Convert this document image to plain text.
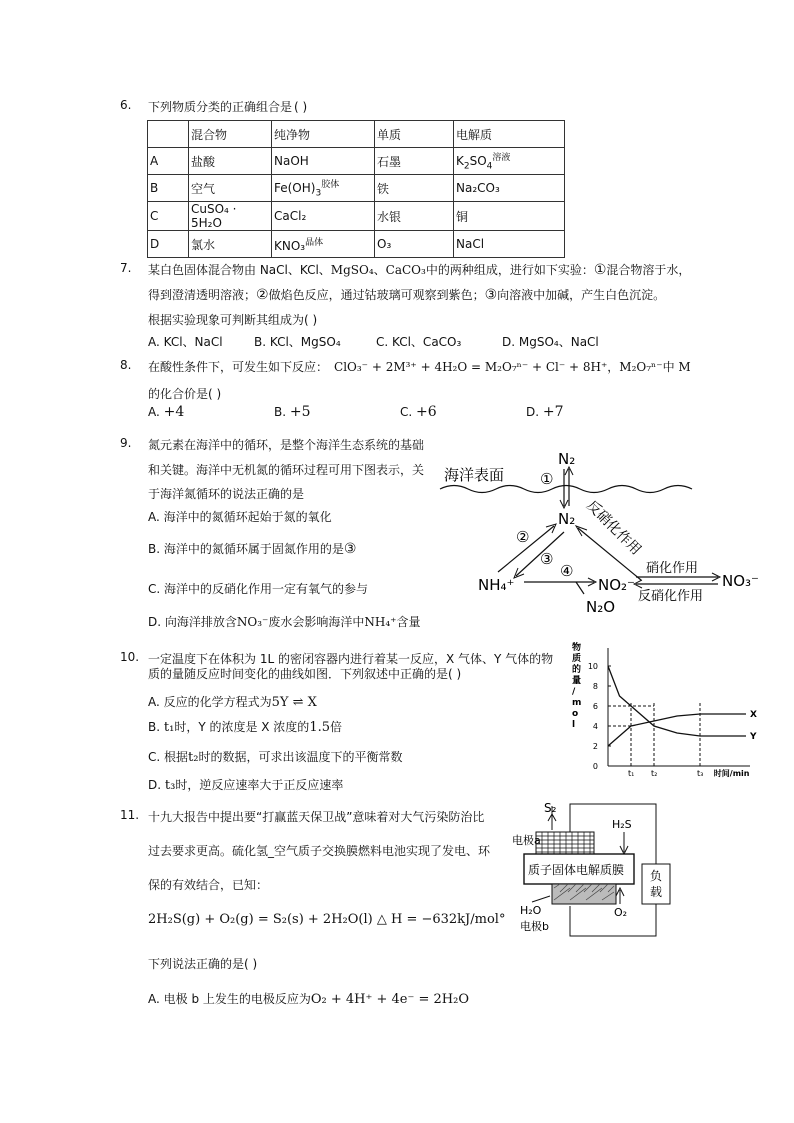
6. 下列物质分类的正确组合是 ( )
	混合物	纯净物	单质	电解质
A	盐酸	NaOH	石墨	$K_2SO_4^{溶液}$
B	空气	$Fe(OH)_3^{胶体}$	铁	Na₂CO₃
C	CuSO₄ · 5H₂O	CaCl₂	水银	铜
D	氯水	KNO₃$^{晶体}$	O₃	NaCl
7. 某白色固体混合物由 NaCl、KCl、MgSO₄、CaCO₃中的两种组成，进行如下实验：①混合物溶于水，
得到澄清透明溶液；②做焰色反应，通过钴玻璃可观察到紫色；③向溶液中加碱，产生白色沉淀。
根据实验现象可判断其组成为( )
A. KCl、NaCl	B. KCl、MgSO₄	C. KCl、CaCO₃	D. MgSO₄、NaCl
8. 在酸性条件下，可发生如下反应： ClO₃⁻ + 2M³⁺ + 4H₂O = M₂O₇ⁿ⁻ + Cl⁻ + 8H⁺，M₂O₇ⁿ⁻中 M
的化合价是( )
A. +4	B. +5	C. +6	D. +7
9. 氮元素在海洋中的循环，是整个海洋生态系统的基础
和关键。海洋中无机氮的循环过程可用下图表示，关
于海洋氮循环的说法正确的是
A. 海洋中的氮循环起始于氮的氧化
B. 海洋中的氮循环属于固氮作用的是③
C. 海洋中的反硝化作用一定有氧气的参与
D. 向海洋排放含NO₃⁻废水会影响海洋中NH₄⁺含量
海洋表面
N₂
①
N₂ 反硝化作用
②
③
NH₄⁺
④
NO₂⁻
N₂O
硝化作用
反硝化作用
NO₃⁻
10. 一定温度下在体积为 1L 的密闭容器内进行着某一反应，X 气体、Y 气体的物
质的量随反应时间变化的曲线如图．下列叙述中正确的是( )
A. 反应的化学方程式为5Y ⇌ X
B. t₁时，Y 的浓度是 X 浓度的1.5倍
C. 根据t₂时的数据，可求出该温度下的平衡常数
D. t₃时，逆反应速率大于正反应速率
物
质
的
量
/
m
o
l
0
2
4
6
8
10
t₁ t₂	t₃ 时间/min
X
Y
11. 十九大报告中提出要“打赢蓝天保卫战”意味着对大气污染防治比
过去要求更高。硫化氢_空气质子交换膜燃料电池实现了发电、环
保的有效结合，已知：
2H₂S(g) + O₂(g) = S₂(s) + 2H₂O(l) △ H = −632kJ/mol°
下列说法正确的是( )
A. 电极 b 上发生的电极反应为O₂ + 4H⁺ + 4e⁻ = 2H₂O
S₂
负
载
H₂S
电极a
质子固体电解质膜
H₂O	O₂
电极b
